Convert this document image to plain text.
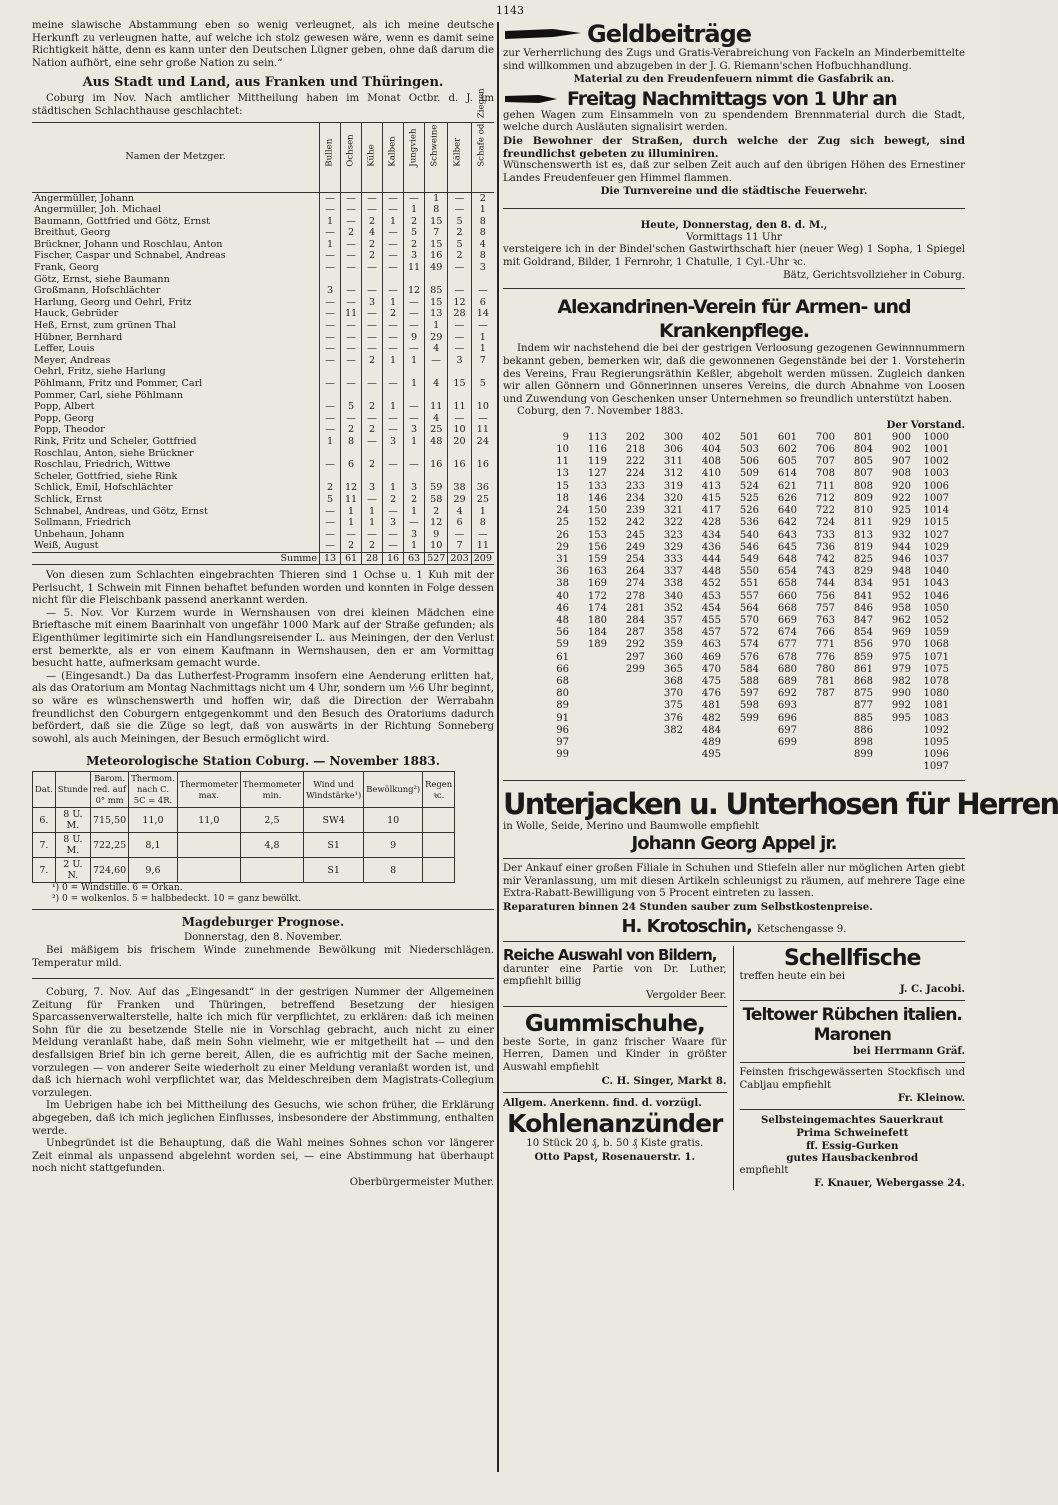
1143
meine slawische Abstammung eben so wenig verleugnet, als ich meine deutsche Herkunft zu verleugnen hatte, auf welche ich stolz gewesen wäre, wenn es damit seine Richtigkeit hätte, denn es kann unter den Deutschen Lügner geben, ohne daß darum die Nation aufhört, eine sehr große Nation zu sein.“
Aus Stadt und Land, aus Franken und Thüringen.
Coburg im Nov. Nach amtlicher Mittheilung haben im Monat Octbr. d. J. im städtischen Schlachthause geschlachtet:
Namen der Metzger.	Bullen	Ochsen	Kühe	Kalben	Jungvieh	Schweine	Kälber	Schafe od. Ziegen

Angermüller, Johann	—	—	—	—	—	1	—	2
Angermüller, Joh. Michael	—	—	—	—	1	8	—	1
Baumann, Gottfried und Götz, Ernst	1	—	2	1	2	15	5	8
Breithut, Georg	—	2	4	—	5	7	2	8
Brückner, Johann und Roschlau, Anton	1	—	2	—	2	15	5	4
Fischer, Caspar und Schnabel, Andreas	—	—	2	—	3	16	2	8
Frank, Georg	—	—	—	—	11	49	—	3
Götz, Ernst, siehe Baumann								
Großmann, Hofschlächter	3	—	—	—	12	85	—	—
Harlung, Georg und Oehrl, Fritz	—	—	3	1	—	15	12	6
Hauck, Gebrüder	—	11	—	2	—	13	28	14
Heß, Ernst, zum grünen Thal	—	—	—	—	—	1	—	—
Hübner, Bernhard	—	—	—	—	9	29	—	1
Leffer, Louis	—	—	—	—	—	4	—	1
Meyer, Andreas	—	—	2	1	1	—	3	7
Oehrl, Fritz, siehe Harlung								
Pöhlmann, Fritz und Pommer, Carl	—	—	—	—	1	4	15	5
Pommer, Carl, siehe Pöhlmann								
Popp, Albert	—	5	2	1	—	11	11	10
Popp, Georg	—	—	—	—	—	4	—	—
Popp, Theodor	—	2	2	—	3	25	10	11
Rink, Fritz und Scheler, Gottfried	1	8	—	3	1	48	20	24
Roschlau, Anton, siehe Brückner								
Roschlau, Friedrich, Wittwe	—	6	2	—	—	16	16	16
Scheler, Gottfried, siehe Rink								
Schlick, Emil, Hofschlächter	2	12	3	1	3	59	38	36
Schlick, Ernst	5	11	—	2	2	58	29	25
Schnabel, Andreas, und Götz, Ernst	—	1	1	—	1	2	4	1
Sollmann, Friedrich	—	1	1	3	—	12	6	8
Unbehaun, Johann	—	—	—	—	3	9	—	—
Weiß, August	—	2	2	—	1	10	7	11
Summe	13	61	28	16	63	527	203	209
Von diesen zum Schlachten eingebrachten Thieren sind 1 Ochse u. 1 Kuh mit der Perlsucht, 1 Schwein mit Finnen behaftet befunden worden und konnten in Folge dessen nicht für die Fleischbank passend anerkannt werden.
— 5. Nov. Vor Kurzem wurde in Wernshausen von drei kleinen Mädchen eine Brieftasche mit einem Baarinhalt von ungefähr 1000 Mark auf der Straße gefunden; als Eigenthümer legitimirte sich ein Handlungsreisender L. aus Meiningen, der den Verlust erst bemerkte, als er von einem Kaufmann in Wernshausen, den er am Vormittag besucht hatte, aufmerksam gemacht wurde.
— (Eingesandt.) Da das Lutherfest-Programm insofern eine Aenderung erlitten hat, als das Oratorium am Montag Nachmittags nicht um 4 Uhr, sondern um ½6 Uhr beginnt, so wäre es wünschenswerth und hoffen wir, daß die Direction der Werrabahn freundlichst den Coburgern entgegenkommt und den Besuch des Oratoriums dadurch befördert, daß sie die Züge so legt, daß von auswärts in der Richtung Sonneberg sowohl, als auch Meiningen, der Besuch ermöglicht wird.
Meteorologische Station Coburg. — November 1883.
Dat.	Stunde	Barom. red. auf 0° mm	Thermom. nach C. 5C = 4R.	Thermometer max.	Thermometer min.	Wind und Windstärke¹)	Bewölkung²)	Regen ꝛc.
6.	8 U. M.	715,50	11,0	11,0	2,5	SW4	10	
7.	8 U. M.	722,25	8,1		4,8	S1	9	
7.	2 U. N.	724,60	9,6			S1	8	
¹) 0 = Windstille. 6 = Orkan.
²) 0 = wolkenlos. 5 = halbbedeckt. 10 = ganz bewölkt.
Magdeburger Prognose.
Donnerstag, den 8. November.
Bei mäßigem bis frischem Winde zunehmende Bewölkung mit Niederschlägen. Temperatur mild.
Coburg, 7. Nov. Auf das „Eingesandt“ in der gestrigen Nummer der Allgemeinen Zeitung für Franken und Thüringen, betreffend Besetzung der hiesigen Sparcassenverwalterstelle, halte ich mich für verpflichtet, zu erklären: daß ich meinen Sohn für die zu besetzende Stelle nie in Vorschlag gebracht, auch nicht zu einer Meldung veranlaßt habe, daß mein Sohn vielmehr, wie er mitgetheilt hat — und den desfallsigen Brief bin ich gerne bereit, Allen, die es aufrichtig mit der Sache meinen, vorzulegen — von anderer Seite wiederholt zu einer Meldung veranlaßt worden ist, und daß ich hiernach wohl verpflichtet war, das Meldeschreiben dem Magistrats-Collegium vorzulegen.
Im Uebrigen habe ich bei Mittheilung des Gesuchs, wie schon früher, die Erklärung abgegeben, daß ich mich jeglichen Einflusses, insbesondere der Abstimmung, enthalten werde.
Unbegründet ist die Behauptung, daß die Wahl meines Sohnes schon vor längerer Zeit einmal als unpassend abgelehnt worden sei, — eine Abstimmung hat überhaupt noch nicht stattgefunden.
Oberbürgermeister Muther.
Geldbeiträge
zur Verherrlichung des Zugs und Gratis-Verabreichung von Fackeln an Minderbemittelte sind willkommen und abzugeben in der J. G. Riemann'schen Hofbuchhandlung.
Material zu den Freudenfeuern nimmt die Gasfabrik an.
Freitag Nachmittags von 1 Uhr an
gehen Wagen zum Einsammeln von zu spendendem Brennmaterial durch die Stadt, welche durch Ausläuten signalisirt werden.
Die Bewohner der Straßen, durch welche der Zug sich bewegt, sind freundlichst gebeten zu illuminiren.
Wünschenswerth ist es, daß zur selben Zeit auch auf den übrigen Höhen des Ernestiner Landes Freudenfeuer gen Himmel flammen.
Die Turnvereine und die städtische Feuerwehr.
Heute, Donnerstag, den 8. d. M.,
Vormittags 11 Uhr
versteigere ich in der Bindel'schen Gastwirthschaft hier (neuer Weg) 1 Sopha, 1 Spiegel mit Goldrand, Bilder, 1 Fernrohr, 1 Chatulle, 1 Cyl.-Uhr ꝛc.
Bätz, Gerichtsvollzieher in Coburg.
Alexandrinen-Verein für Armen- und Krankenpflege.
Indem wir nachstehend die bei der gestrigen Verloosung gezogenen Gewinnnummern bekannt geben, bemerken wir, daß die gewonnenen Gegenstände bei der 1. Vorsteherin des Vereins, Frau Regierungsräthin Keßler, abgeholt werden müssen. Zugleich danken wir allen Gönnern und Gönnerinnen unseres Vereins, die durch Abnahme von Loosen und Zuwendung von Geschenken unser Unternehmen so freundlich unterstützt haben.
Coburg, den 7. November 1883.
Der Vorstand.
9	113	202	300	402	501	601	700	801	900	1000
10	116	218	306	404	503	602	706	804	902	1001
11	119	222	311	408	506	605	707	805	907	1002
13	127	224	312	410	509	614	708	807	908	1003
15	133	233	319	413	524	621	711	808	920	1006
18	146	234	320	415	525	626	712	809	922	1007
24	150	239	321	417	526	640	722	810	925	1014
25	152	242	322	428	536	642	724	811	929	1015
26	153	245	323	434	540	643	733	813	932	1027
29	156	249	329	436	546	645	736	819	944	1029
31	159	254	333	444	549	648	742	825	946	1037
36	163	264	337	448	550	654	743	829	948	1040
38	169	274	338	452	551	658	744	834	951	1043
40	172	278	340	453	557	660	756	841	952	1046
46	174	281	352	454	564	668	757	846	958	1050
48	180	284	357	455	570	669	763	847	962	1052
56	184	287	358	457	572	674	766	854	969	1059
59	189	292	359	463	574	677	771	856	970	1068
61		297	360	469	576	678	776	859	975	1071
66		299	365	470	584	680	780	861	979	1075
68			368	475	588	689	781	868	982	1078
80			370	476	597	692	787	875	990	1080
89			375	481	598	693		877	992	1081
91			376	482	599	696		885	995	1083
96			382	484		697		886		1092
97				489		699		898		1095
99				495				899		1096
										1097
Unterjacken u. Unterhosen für Herren
in Wolle, Seide, Merino und Baumwolle empfiehlt
Johann Georg Appel jr.
Der Ankauf einer großen Filiale in Schuhen und Stiefeln aller nur möglichen Arten giebt mir Veranlassung, um mit diesen Artikeln schleunigst zu räumen, auf mehrere Tage eine Extra-Rabatt-Bewilligung von 5 Procent eintreten zu lassen.
Reparaturen binnen 24 Stunden sauber zum Selbstkostenpreise.
H. Krotoschin, Ketschengasse 9.
Reiche Auswahl von Bildern,
darunter eine Partie von Dr. Luther, empfiehlt billig
Vergolder Beer.
Gummischuhe,
beste Sorte, in ganz frischer Waare für Herren, Damen und Kinder in größter Auswahl empfiehlt
C. H. Singer, Markt 8.
Allgem. Anerkenn. find. d. vorzügl.
Kohlenanzünder
10 Stück 20 ₰, b. 50 ₰ Kiste gratis.
Otto Papst, Rosenauerstr. 1.
Schellfische
treffen heute ein bei
J. C. Jacobi.
Teltower Rübchen italien. Maronen
bei Herrmann Gräf.
Feinsten frischgewässerten Stockfisch und Cabljau empfiehlt
Fr. Kleinow.
Selbsteingemachtes Sauerkraut
Prima Schweinefett
ff. Essig-Gurken
gutes Hausbackenbrod
empfiehlt
F. Knauer, Webergasse 24.
